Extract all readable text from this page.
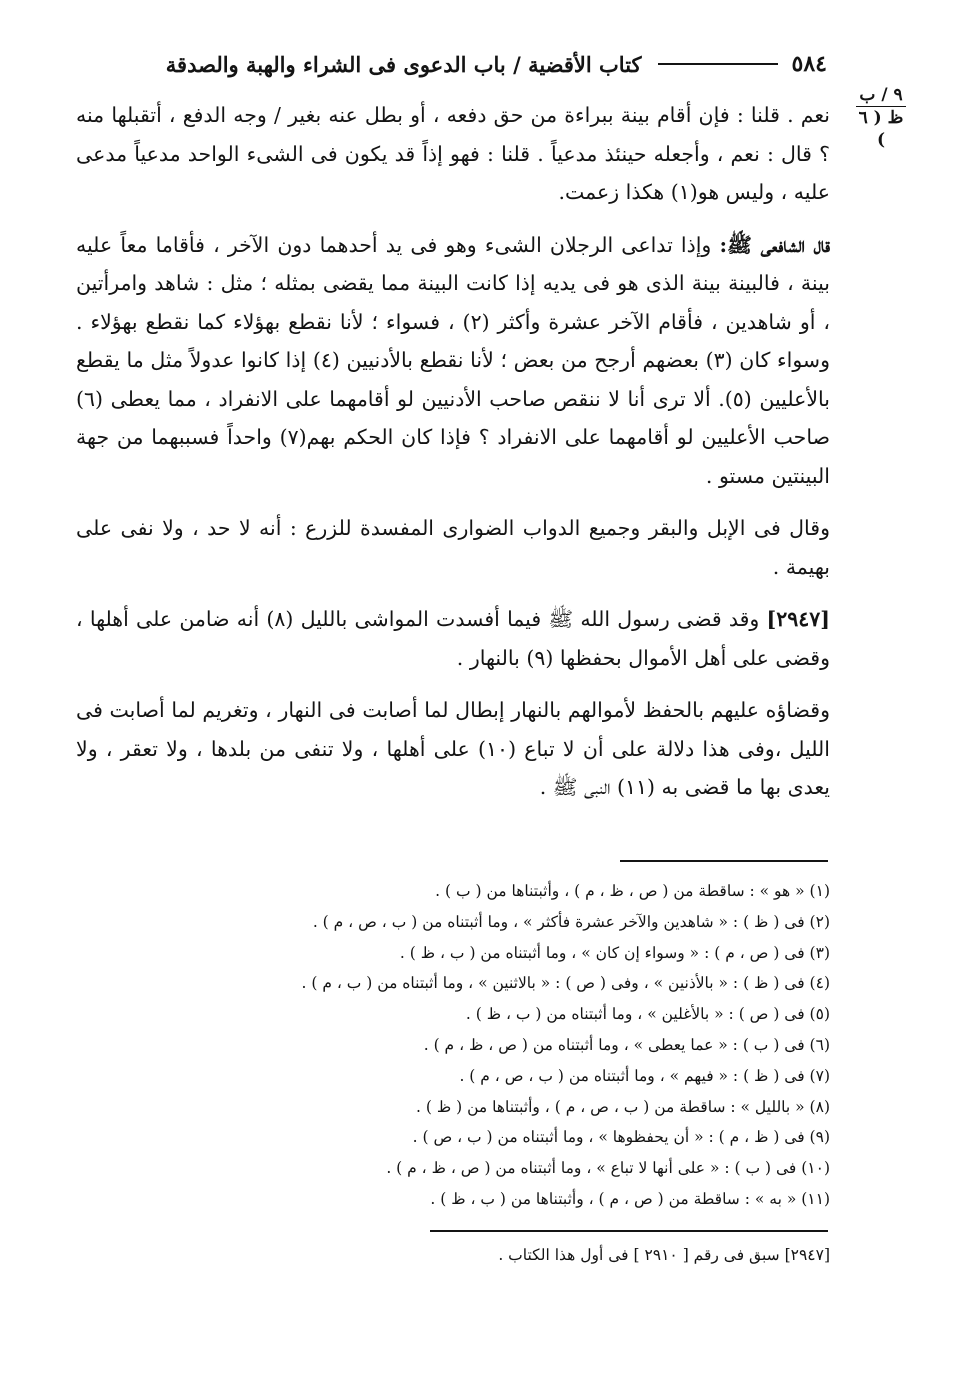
٥٨٤
كتاب الأقضية / باب الدعوى فى الشراء والهبة والصدقة
٩ / ب
ظ ( ٦ )

نعم . قلنا : فإن أقام بينة ببراءة من حق دفعه ، أو بطل عنه بغير / وجه الدفع ، أتقبلها منه ؟ قال : نعم ، وأجعله حينئذ مدعياً . قلنا : فهو إذاً قد يكون فى الشىء الواحد مدعياً مدعى عليه ، وليس هو(١) هكذا زعمت.

قال الشافعى ﷺ: وإذا تداعى الرجلان الشىء وهو فى يد أحدهما دون الآخر ، فأقاما معاً عليه بينة ، فالبينة بينة الذى هو فى يديه إذا كانت البينة مما يقضى بمثله ؛ مثل : شاهد وامرأتين ، أو شاهدين ، فأقام الآخر عشرة وأكثر (٢) ، فسواء ؛ لأنا نقطع بهؤلاء كما نقطع بهؤلاء . وسواء كان (٣) بعضهم أرجح من بعض ؛ لأنا نقطع بالأدنيين (٤) إذا كانوا عدولاً مثل ما يقطع بالأعليين (٥). ألا ترى أنا لا ننقص صاحب الأدنيين لو أقامهما على الانفراد ، مما يعطى (٦) صاحب الأعليين لو أقامهما على الانفراد ؟ فإذا كان الحكم بهم(٧) واحداً فسببهما من جهة البينتين مستو .

وقال فى الإبل والبقر وجميع الدواب الضوارى المفسدة للزرع : أنه لا حد ، ولا نفى على بهيمة .

[٢٩٤٧] وقد قضى رسول الله ﷺ فيما أفسدت المواشى بالليل (٨) أنه ضامن على أهلها ، وقضى على أهل الأموال بحفظها (٩) بالنهار .

وقضاؤه عليهم بالحفظ لأموالهم بالنهار إبطال لما أصابت فى النهار ، وتغريم لما أصابت فى الليل ،وفى هذا دلالة على أن لا تباع (١٠) على أهلها ، ولا تنفى من بلدها ، ولا تعقر ، ولا يعدى بها ما قضى به (١١) النبى ﷺ .

(١) « هو » : ساقطة من ( ص ، ظ ، م ) ، وأثبتناها من ( ب ) .
(٢) فى ( ظ ) : « شاهدين والآخر عشرة فأكثر » ، وما أثبتناه من ( ب ، ص ، م ) .
(٣) فى ( ص ، م ) : « وسواء إن كان » ، وما أثبتناه من ( ب ، ظ ) .
(٤) فى ( ظ ) : « بالأذنين » ، وفى ( ص ) : « بالاثنين » ، وما أثبتناه من ( ب ، م ) .
(٥) فى ( ص ) : « بالأغلين » ، وما أثبتناه من ( ب ، ظ ) .
(٦) فى ( ب ) : « عما يعطى » ، وما أثبتناه من ( ص ، ظ ، م ) .
(٧) فى ( ظ ) : « فيهم » ، وما أثبتناه من ( ب ، ص ، م ) .
(٨) « بالليل » : ساقطة من ( ب ، ص ، م ) ، وأثبتناها من ( ظ ) .
(٩) فى ( ظ ، م ) : « أن يحفظوها » ، وما أثبتناه من ( ب ، ص ) .
(١٠) فى ( ب ) : « على أنها لا تباع » ، وما أثبتناه من ( ص ، ظ ، م ) .
(١١) « به » : ساقطة من ( ص ، م ) ، وأثبتناها من ( ب ، ظ ) .
[٢٩٤٧] سبق فى رقم [ ٢٩١٠ ] فى أول هذا الكتاب .
